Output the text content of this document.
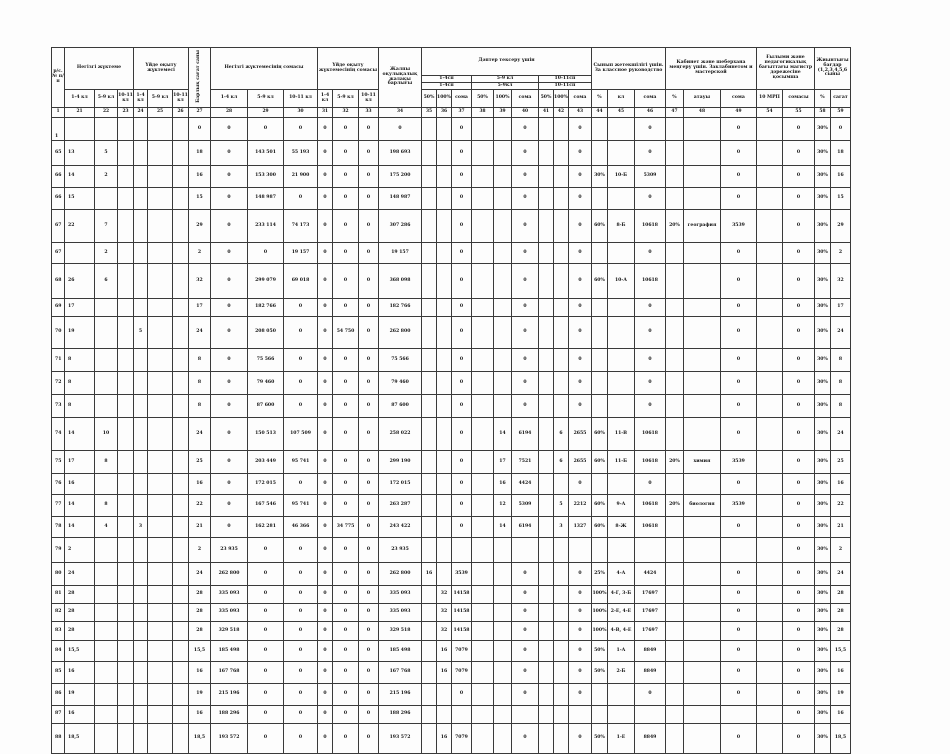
р/с.№ п/п	Негізгі жүктеме			Үйде оқыту жүктемесі			Барлық сағат саны	Негізгі жүктемесінің сомасы			Үйде оқыту жүктемесінің сомасы			Жалпы оқулықалық жалақы барлығы	Дәптер тексеру үшін									Сынып жетекшілігі үшін. За классное руководство			Кабинет және шеберхана меңгеру үшін. Заклабинетом и мастерской			Ғылыми және педагогикалық бағыттағы магистр дәрежесіне қосымша		Жиынтығы бағдар (1,2,3,4,5,6 сыны	
															1-4сп			5-9 кл			10-11сп												
															1-4сп			5-9кл			10-11сп												
	1-4 кл	5-9 кл	10-11 кл	1-4 кл	5-9 кл	10-11 кл		1-4 кл	5-9 кл	10-11 кл	1-4 кл	5-9 кл	10-11 кл		50%	100%	сома	50%	100%	сома	50%	100%	сома	%	кл	сома	%	атауы	сома	10 МРП	сомасы	%	сагат
1	21	22	23	24	25	26	27	28	29	30	31	32	33	34	35	36	37	38	39	40	41	42	43	44	45	46	47	48	49	54	55	58	59
1							0	0	0	0	0	0	0	0			0			0			0			0			0		0	30%	0
65	13	5					18	0	143 501	55 193	0	0	0	198 693			0			0			0			0			0		0	30%	18
66	14	2					16	0	153 300	21 900	0	0	0	175 200			0			0			0	30%	10-Б	5309			0		0	30%	16
66	15						15	0	148 987	0	0	0	0	148 987			0			0			0			0			0		0	30%	15
67	22	7					29	0	233 114	74 173	0	0	0	307 286			0			0			0	60%	8-Б	10618	20%	география	3539		0	30%	29
67		2					2	0	0	19 157	0	0	0	19 157			0			0			0			0			0		0	30%	2
68	26	6					32	0	299 079	69 018	0	0	0	368 098			0			0			0	60%	10-А	10618			0		0	30%	32
69	17						17	0	182 766	0	0	0	0	182 766			0			0			0			0			0		0	30%	17
70	19			5			24	0	208 050	0	0	54 750	0	262 800			0			0			0			0			0		0	30%	24
71	8						8	0	75 566	0	0	0	0	75 566			0			0			0			0			0		0	30%	8
72	8						8	0	79 460	0	0	0	0	79 460			0			0			0			0			0		0	30%	8
73	8						8	0	87 600	0	0	0	0	87 600			0			0			0			0			0		0	30%	8
74	14	10					24	0	150 513	107 509	0	0	0	258 022			0		14	6194		6	2655	60%	11-В	10618			0		0	30%	24
75	17	8					25	0	203 449	95 741	0	0	0	299 190			0		17	7521		6	2655	60%	11-Б	10618	20%	химия	3539		0	30%	25
76	16						16	0	172 015	0	0	0	0	172 015			0		16	4424			0			0			0		0	30%	16
77	14	8					22	0	167 546	95 741	0	0	0	263 287			0		12	5309		5	2212	60%	9-А	10618	20%	биология	3539		0	30%	22
78	14	4		3			21	0	162 281	46 366	0	34 775	0	243 422			0		14	6194		3	1327	60%	8-Ж	10618			0		0	30%	21
79	2						2	23 935	0	0	0	0	0	23 935																	0	30%	2
80	24						24	262 800	0	0	0	0	0	262 800	16		3539			0			0	25%	4-А	4424			0		0	30%	24
81	28						28	335 093	0	0	0	0	0	335 093		32	14158			0			0	100%	4-Г, 3-Б	17697			0		0	30%	28
82	28						28	335 093	0	0	0	0	0	335 093		32	14158			0			0	100%	2-Е, 4-Е	17697			0		0	30%	28
83	28						28	329 518	0	0	0	0	0	329 518		32	14158			0			0	100%	4-В, 4-Е	17697			0		0	30%	28
84	15,5						15,5	185 498	0	0	0	0	0	185 498		16	7079			0			0	50%	1-А	8849			0		0	30%	15,5
85	16						16	167 768	0	0	0	0	0	167 768		16	7079			0			0	50%	2-Б	8849			0		0	30%	16
86	19						19	215 196	0	0	0	0	0	215 196			0			0			0			0			0		0	30%	19
87	16						16	188 296	0	0	0	0	0	188 296																	0	30%	16
88	18,5						18,5	193 572	0	0	0	0	0	193 572		16	7079			0			0	50%	1-Е	8849			0		0	30%	18,5
